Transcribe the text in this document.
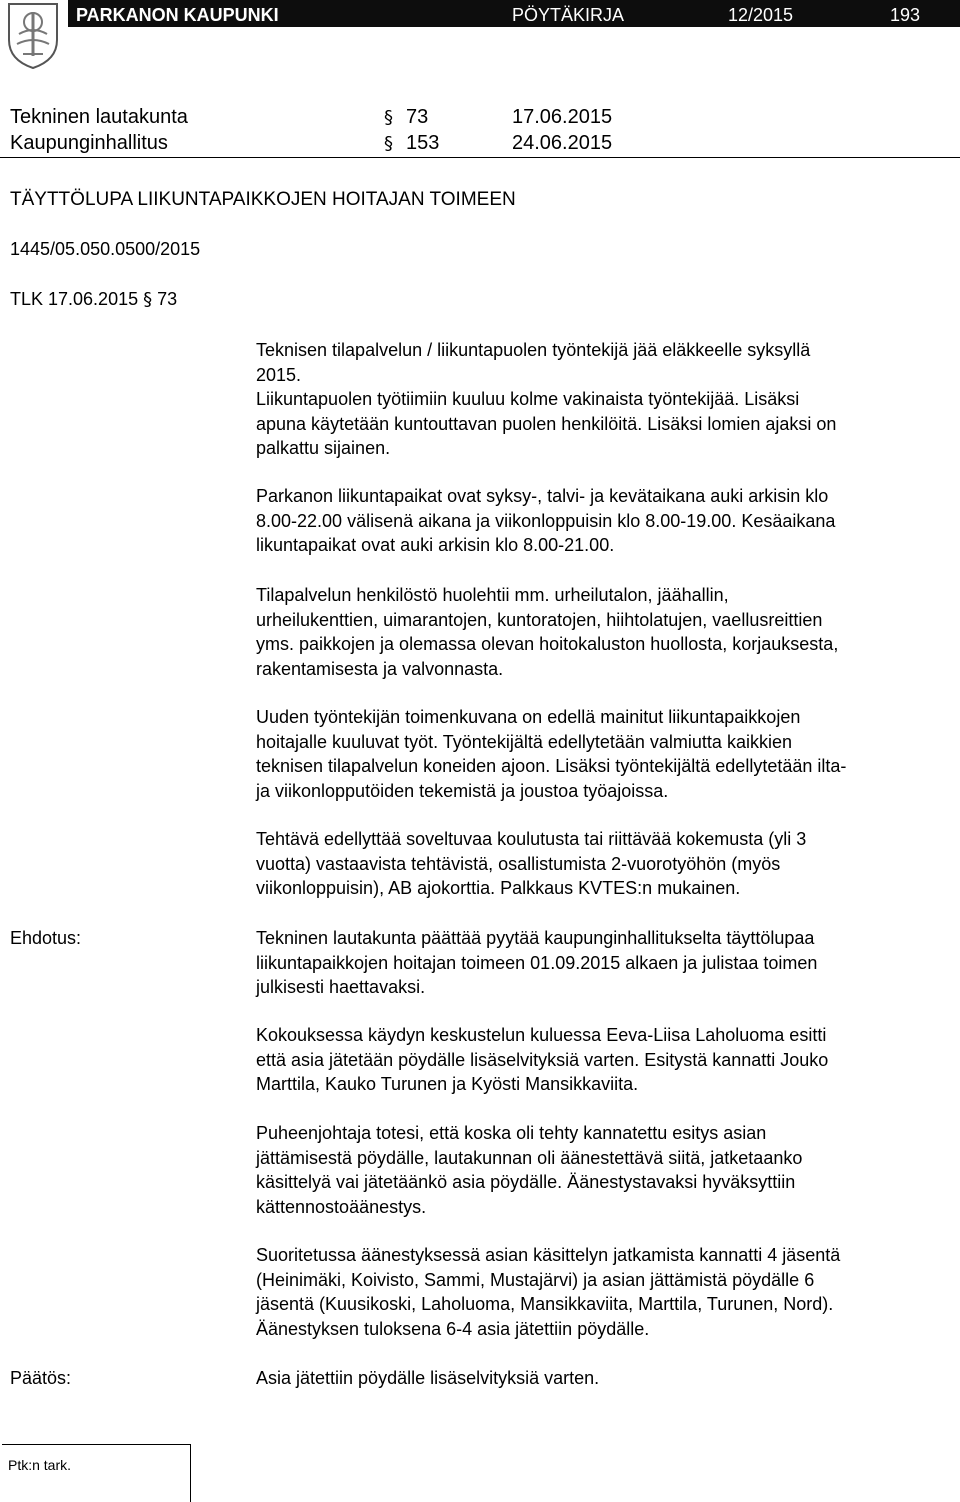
PARKANON KAUPUNKI	PÖYTÄKIRJA	12/2015	193
Tekninen lautakunta	§ 73	17.06.2015
Kaupunginhallitus	§ 153	24.06.2015
TÄYTTÖLUPA LIIKUNTAPAIKKOJEN HOITAJAN TOIMEEN
1445/05.050.0500/2015
TLK 17.06.2015 § 73
Teknisen tilapalvelun / liikuntapuolen työntekijä jää eläkkeelle syksyllä
2015.
Liikuntapuolen työtiimiin kuuluu kolme vakinaista työntekijää. Lisäksi
apuna käytetään kuntouttavan puolen henkilöitä. Lisäksi lomien ajaksi on
palkattu sijainen.
Parkanon liikuntapaikat ovat syksy-, talvi- ja kevätaikana auki arkisin klo
8.00-22.00 välisenä aikana ja viikonloppuisin klo 8.00-19.00. Kesäaikana
likuntapaikat ovat auki arkisin klo 8.00-21.00.
Tilapalvelun henkilöstö huolehtii mm. urheilutalon, jäähallin,
urheilukenttien, uimarantojen, kuntoratojen, hiihtolatujen, vaellusreittien
yms. paikkojen ja olemassa olevan hoitokaluston huollosta, korjauksesta,
rakentamisesta ja valvonnasta.
Uuden työntekijän toimenkuvana on edellä mainitut liikuntapaikkojen
hoitajalle kuuluvat työt. Työntekijältä edellytetään valmiutta kaikkien
teknisen tilapalvelun koneiden ajoon. Lisäksi työntekijältä edellytetään ilta-
ja viikonlopputöiden tekemistä ja joustoa työajoissa.
Tehtävä edellyttää soveltuvaa koulutusta tai riittävää kokemusta (yli 3
vuotta) vastaavista tehtävistä, osallistumista 2-vuorotyöhön (myös
viikonloppuisin), AB ajokorttia. Palkkaus KVTES:n mukainen.
Ehdotus:	Tekninen lautakunta päättää pyytää kaupunginhallitukselta täyttölupaa
liikuntapaikkojen hoitajan toimeen 01.09.2015 alkaen ja julistaa toimen
julkisesti haettavaksi.
Kokouksessa käydyn keskustelun kuluessa Eeva-Liisa Laholuoma esitti
että asia jätetään pöydälle lisäselvityksiä varten. Esitystä kannatti Jouko
Marttila, Kauko Turunen ja Kyösti Mansikkaviita.
Puheenjohtaja totesi, että koska oli tehty kannatettu esitys asian
jättämisestä pöydälle, lautakunnan oli äänestettävä siitä, jatketaanko
käsittelyä vai jätetäänkö asia pöydälle. Äänestystavaksi hyväksyttiin
kättennostoäänestys.
Suoritetussa äänestyksessä asian käsittelyn jatkamista kannatti 4 jäsentä
(Heinimäki, Koivisto, Sammi, Mustajärvi) ja asian jättämistä pöydälle 6
jäsentä (Kuusikoski, Laholuoma, Mansikkaviita, Marttila, Turunen, Nord).
Äänestyksen tuloksena 6-4 asia jätettiin pöydälle.
Päätös:	Asia jätettiin pöydälle lisäselvityksiä varten.
Ptk:n tark.
